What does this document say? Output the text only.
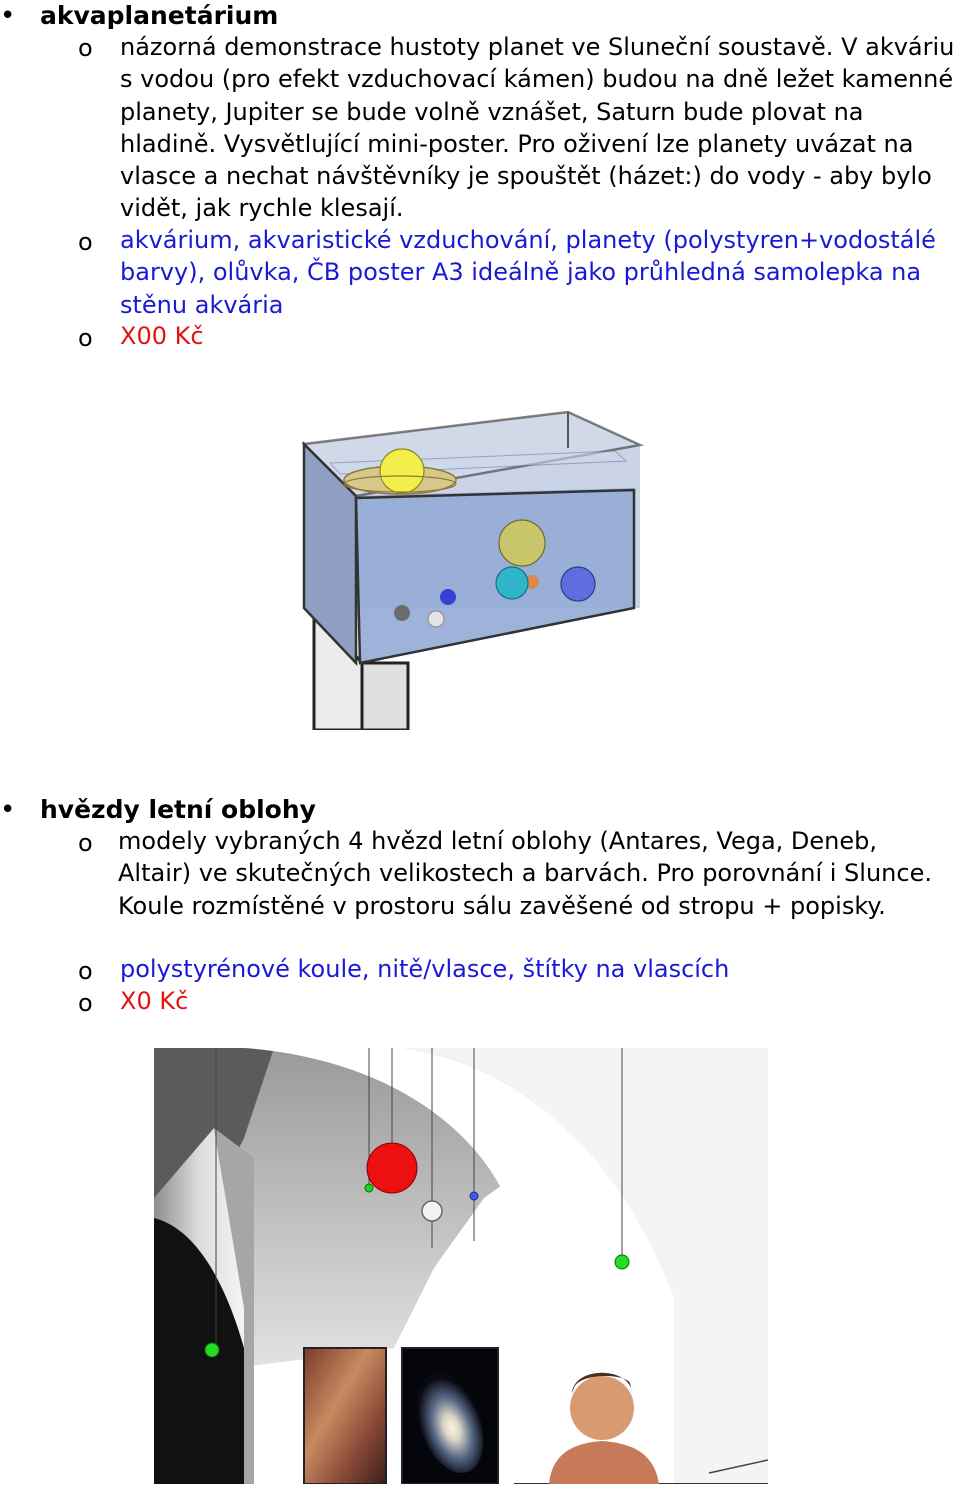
• akvaplanetárium
o názorná demonstrace hustoty planet ve Sluneční soustavě. V akváriu s vodou (pro efekt vzduchovací kámen) budou na dně ležet kamenné planety, Jupiter se bude volně vznášet, Saturn bude plovat na hladině. Vysvětlující mini-poster. Pro oživení lze planety uvázat na vlasce a nechat návštěvníky je spouštět (házet:) do vody - aby bylo vidět, jak rychle klesají.
o akvárium, akvaristické vzduchování, planety (polystyren+vodostálé barvy), olůvka, ČB poster A3 ideálně jako průhledná samolepka na stěnu akvária
o X00 Kč
• hvězdy letní oblohy
o modely vybraných 4 hvězd letní oblohy (Antares, Vega, Deneb, Altair) ve skutečných velikostech a barvách. Pro porovnání i Slunce. Koule rozmístěné v prostoru sálu zavěšené od stropu + popisky.
o polystyrénové koule, nitě/vlasce, štítky na vlascích
o X0 Kč
